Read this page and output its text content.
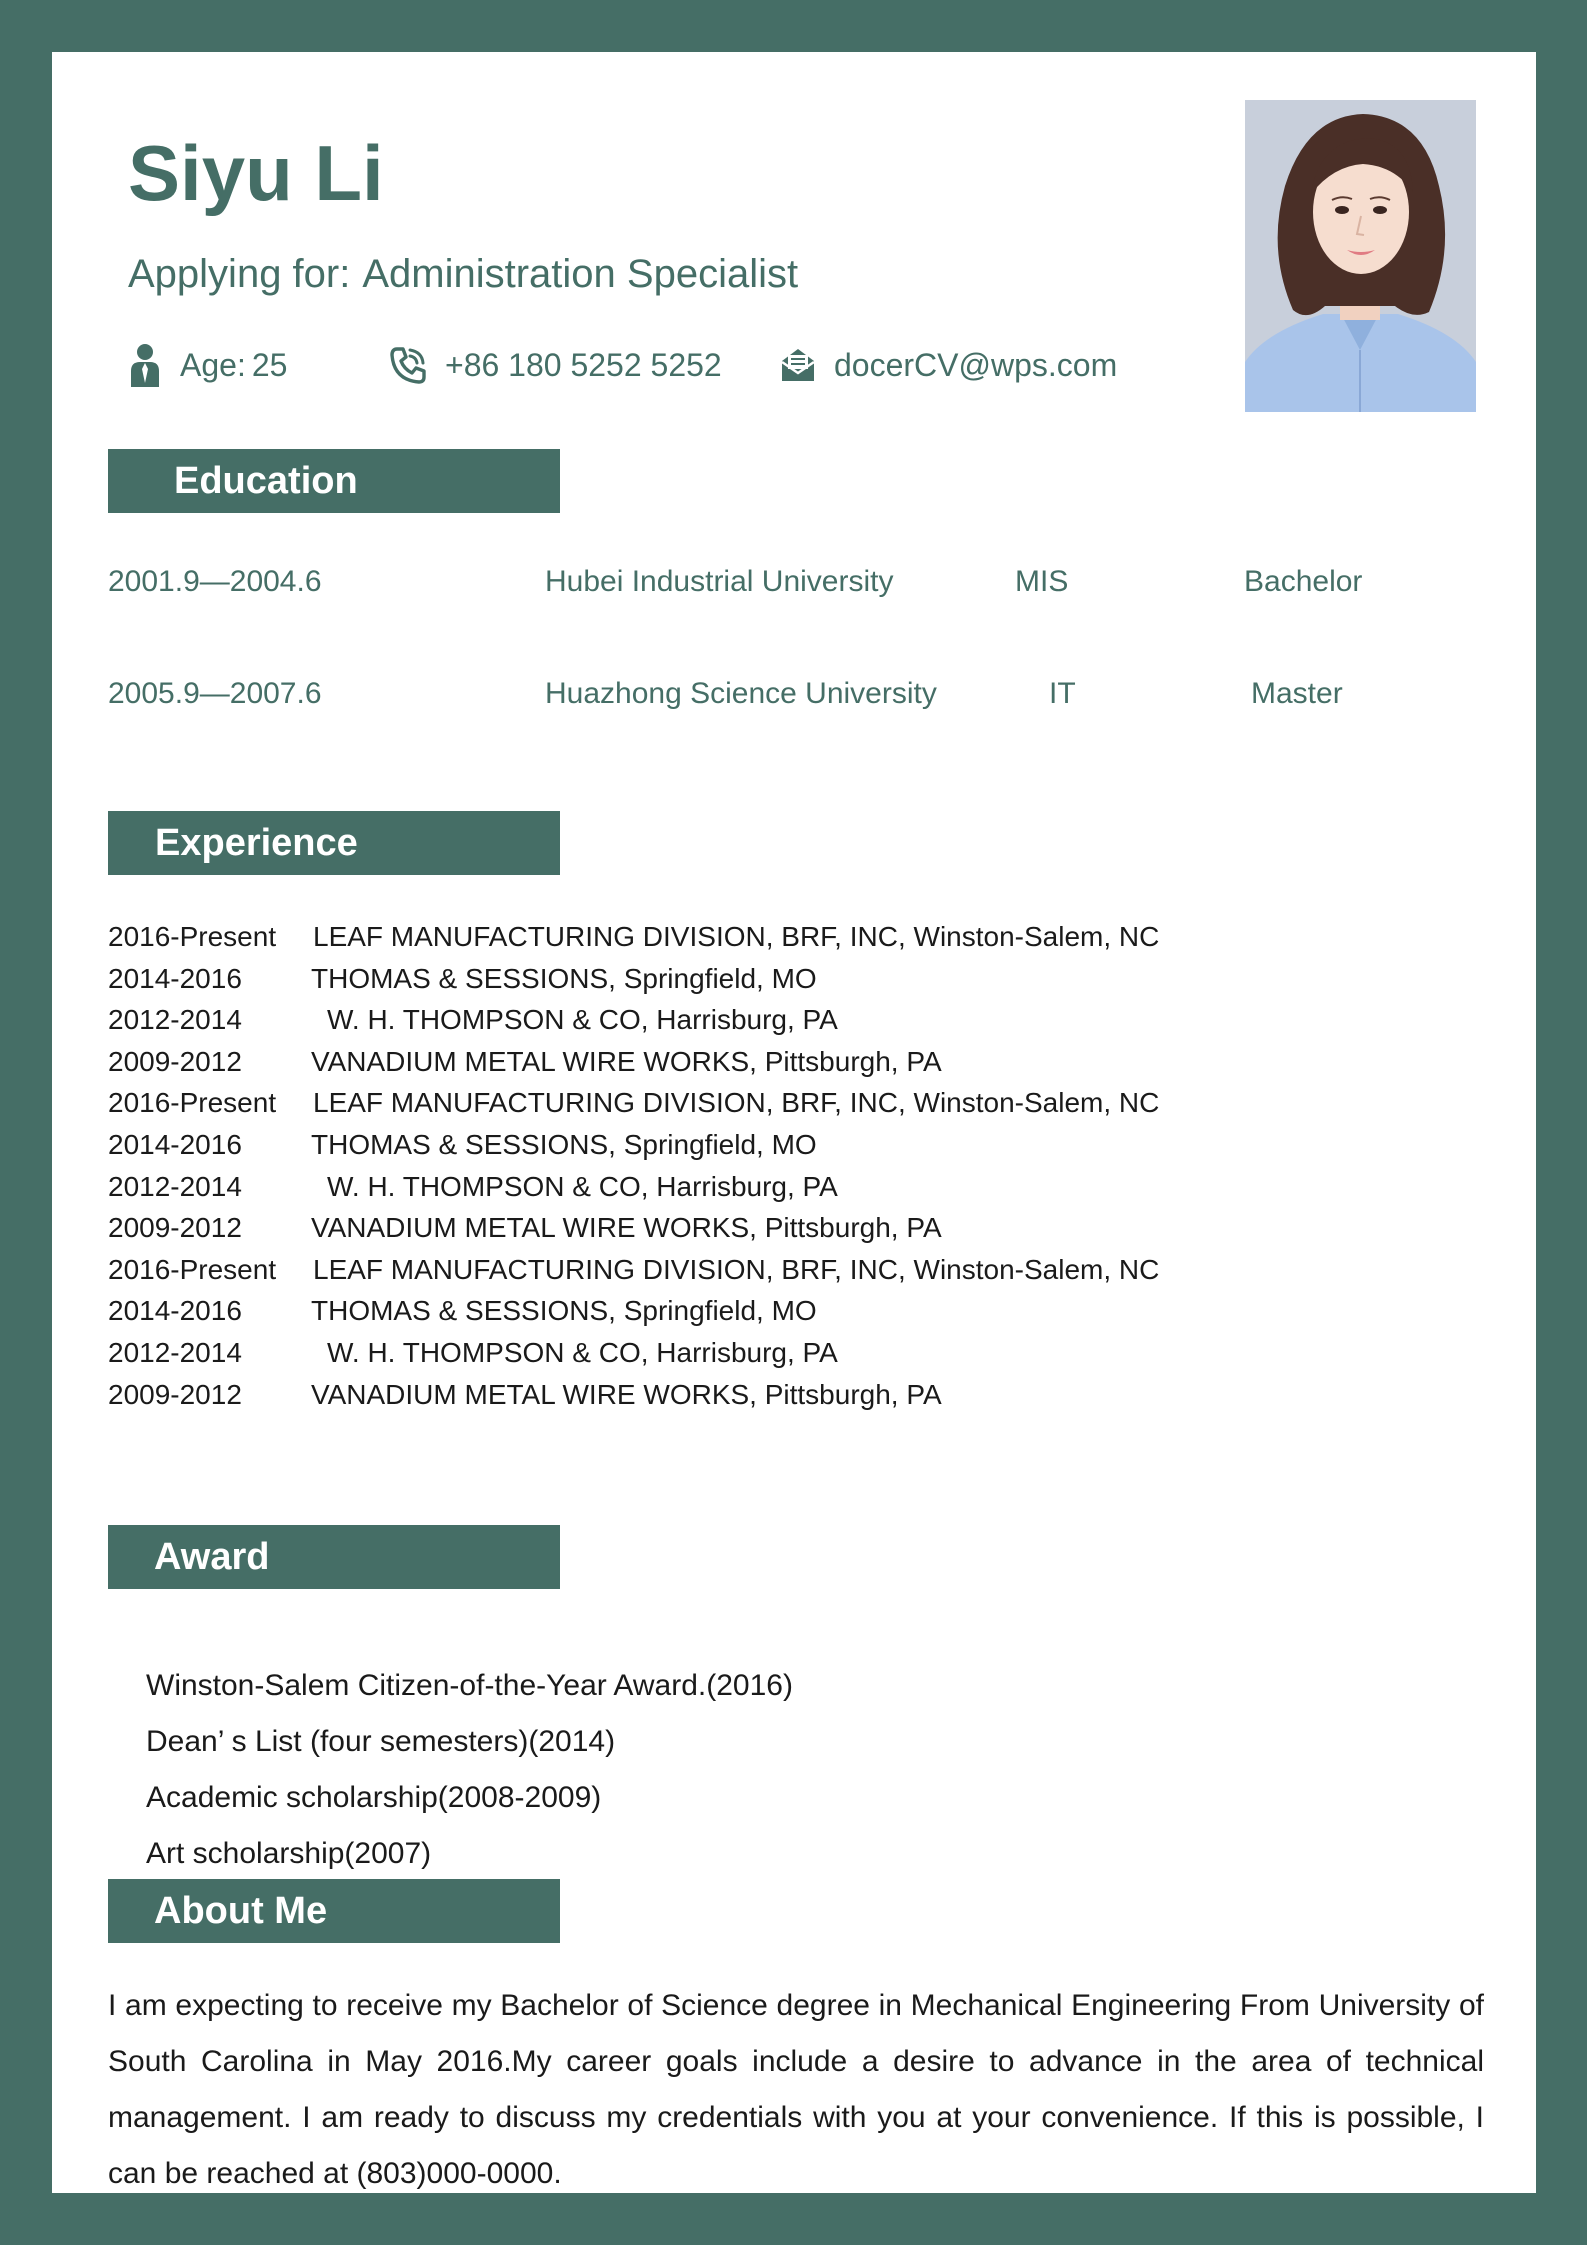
Siyu Li
Applying for: Administration Specialist
Age: 25	+86 180 5252 5252	docerCV@wps.com
Education
2001.9—2004.6	Hubei Industrial University	MIS	Bachelor
2005.9—2007.6	Huazhong Science University	IT	Master
Experience
2016-Present LEAF MANUFACTURING DIVISION, BRF, INC, Winston-Salem, NC
2014-2016 THOMAS & SESSIONS, Springfield, MO
2012-2014	W. H. THOMPSON & CO, Harrisburg, PA
2009-2012 VANADIUM METAL WIRE WORKS, Pittsburgh, PA
2016-Present LEAF MANUFACTURING DIVISION, BRF, INC, Winston-Salem, NC
2014-2016 THOMAS & SESSIONS, Springfield, MO
2012-2014	W. H. THOMPSON & CO, Harrisburg, PA
2009-2012 VANADIUM METAL WIRE WORKS, Pittsburgh, PA
2016-Present LEAF MANUFACTURING DIVISION, BRF, INC, Winston-Salem, NC
2014-2016 THOMAS & SESSIONS, Springfield, MO
2012-2014	W. H. THOMPSON & CO, Harrisburg, PA
2009-2012 VANADIUM METAL WIRE WORKS, Pittsburgh, PA
Award
Winston-Salem Citizen-of-the-Year Award.(2016)
Dean’ s List (four semesters)(2014)
Academic scholarship(2008-2009)
Art scholarship(2007)
About Me
I am expecting to receive my Bachelor of Science degree in Mechanical Engineering From University of South Carolina in May 2016.My career goals include a desire to advance in the area of technical management. I am ready to discuss my credentials with you at your convenience. If this is possible, I can be reached at (803)000-0000.
